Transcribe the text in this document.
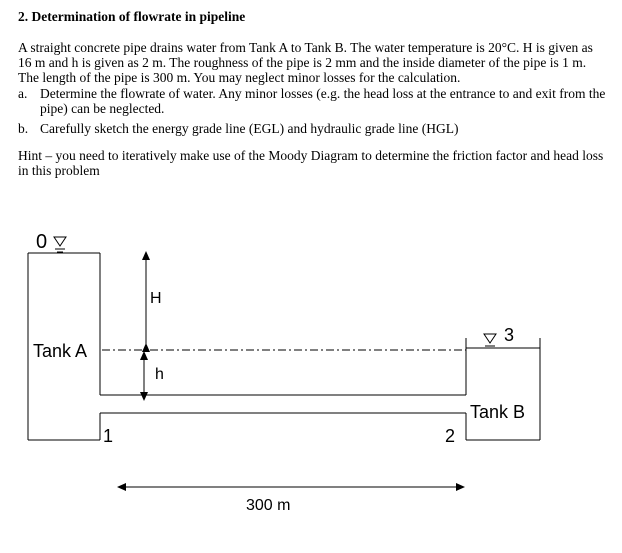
2. Determination of flowrate in pipeline

A straight concrete pipe drains water from Tank A to Tank B. The water temperature is 20°C. H is given as 16 m and h is given as 2 m. The roughness of the pipe is 2 mm and the inside diameter of the pipe is 1 m. The length of the pipe is 300 m. You may neglect minor losses for the calculation.

a. Determine the flowrate of water. Any minor losses (e.g. the head loss at the entrance to and exit from the pipe) can be neglected.
b. Carefully sketch the energy grade line (EGL) and hydraulic grade line (HGL)

Hint – you need to iteratively make use of the Moody Diagram to determine the friction factor and head loss in this problem

0
Tank A
1	2
3
Tank B
H
h
300 m
